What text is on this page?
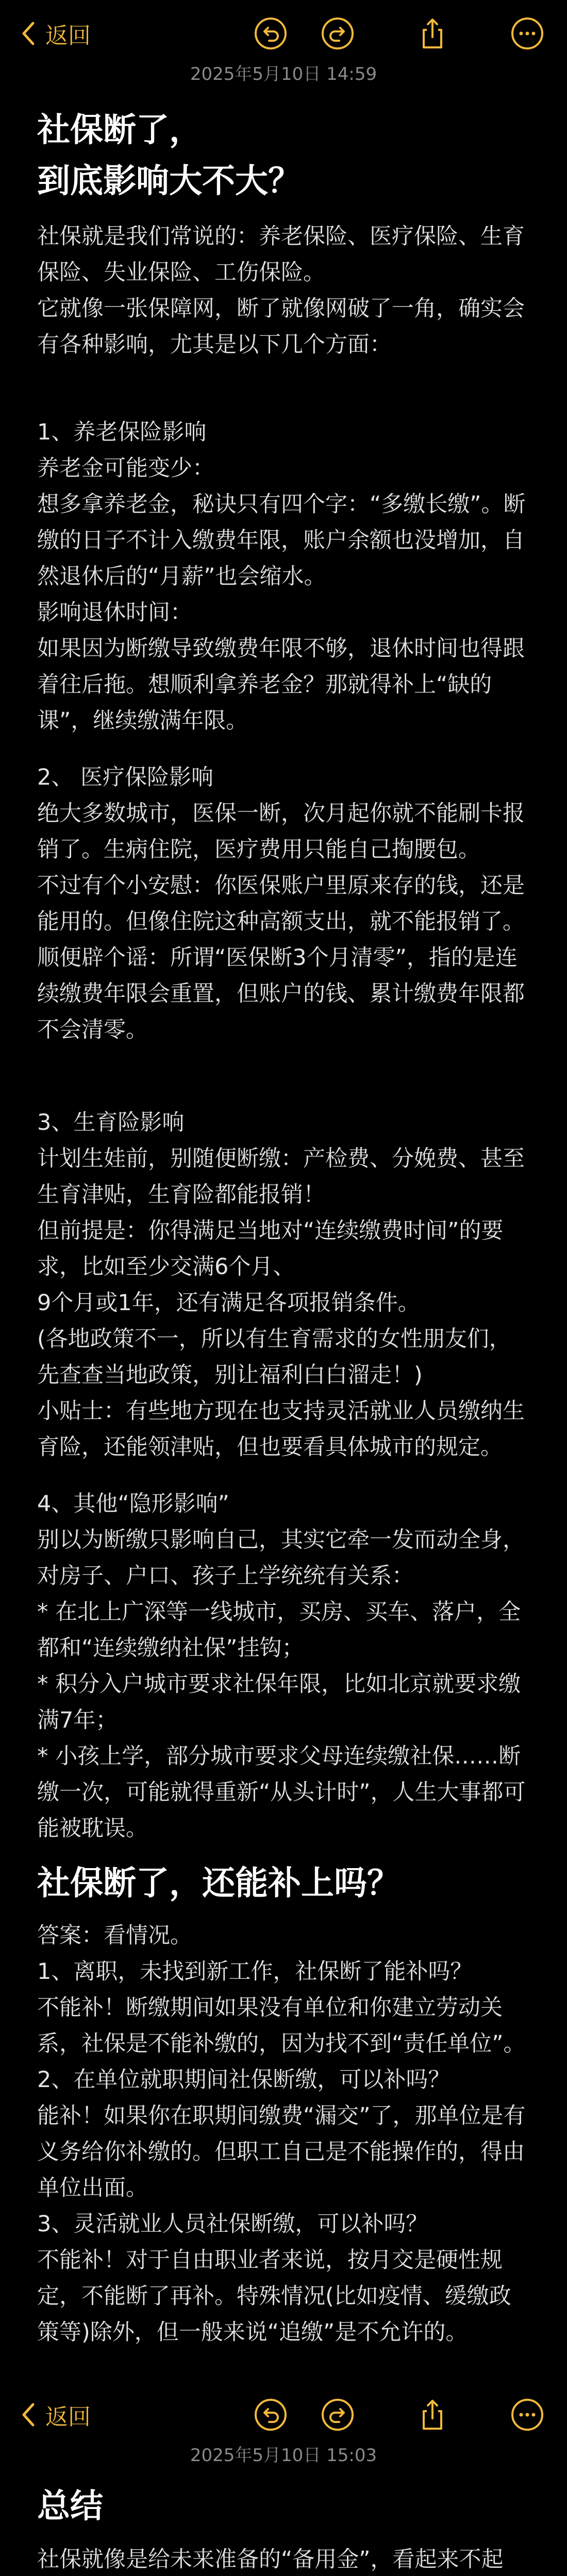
返回
2025年5月10日 14:59
社保断了，
到底影响大不大？
社保就是我们常说的：养老保险、医疗保险、生育保险、失业保险、工伤保险。
它就像一张保障网，断了就像网破了一角，确实会有各种影响，尤其是以下几个方面：
1、养老保险影响
养老金可能变少：
想多拿养老金，秘诀只有四个字：“多缴长缴”。断缴的日子不计入缴费年限，账户余额也没增加，自然退休后的“月薪”也会缩水。
影响退休时间：
如果因为断缴导致缴费年限不够，退休时间也得跟着往后拖。想顺利拿养老金？那就得补上“缺的课”，继续缴满年限。
2、 医疗保险影响
绝大多数城市，医保一断，次月起你就不能刷卡报销了。生病住院，医疗费用只能自己掏腰包。
不过有个小安慰：你医保账户里原来存的钱，还是能用的。但像住院这种高额支出，就不能报销了。
顺便辟个谣：所谓“医保断3个月清零”，指的是连续缴费年限会重置，但账户的钱、累计缴费年限都不会清零。
3、生育险影响
计划生娃前，别随便断缴：产检费、分娩费、甚至生育津贴，生育险都能报销！
但前提是：你得满足当地对“连续缴费时间”的要求，比如至少交满6个月、
9个月或1年，还有满足各项报销条件。
(各地政策不一，所以有生育需求的女性朋友们，先查查当地政策，别让福利白白溜走！)
小贴士：有些地方现在也支持灵活就业人员缴纳生育险，还能领津贴，但也要看具体城市的规定。
4、其他“隐形影响”
别以为断缴只影响自己，其实它牵一发而动全身，对房子、户口、孩子上学统统有关系：
* 在北上广深等一线城市，买房、买车、落户，全都和“连续缴纳社保”挂钩；
* 积分入户城市要求社保年限，比如北京就要求缴满7年；
* 小孩上学，部分城市要求父母连续缴社保……断缴一次，可能就得重新“从头计时”，人生大事都可能被耽误。
社保断了，还能补上吗？
答案：看情况。
1、离职，未找到新工作，社保断了能补吗？
不能补！断缴期间如果没有单位和你建立劳动关系，社保是不能补缴的，因为找不到“责任单位”。
2、在单位就职期间社保断缴，可以补吗？
能补！如果你在职期间缴费“漏交”了，那单位是有义务给你补缴的。但职工自己是不能操作的，得由单位出面。
3、灵活就业人员社保断缴，可以补吗？
不能补！对于自由职业者来说，按月交是硬性规定，不能断了再补。特殊情况(比如疫情、缓缴政策等)除外，但一般来说“追缴”是不允许的。
返回
2025年5月10日 15:03
总结
社保就像是给未来准备的“备用金”，看起来不起
